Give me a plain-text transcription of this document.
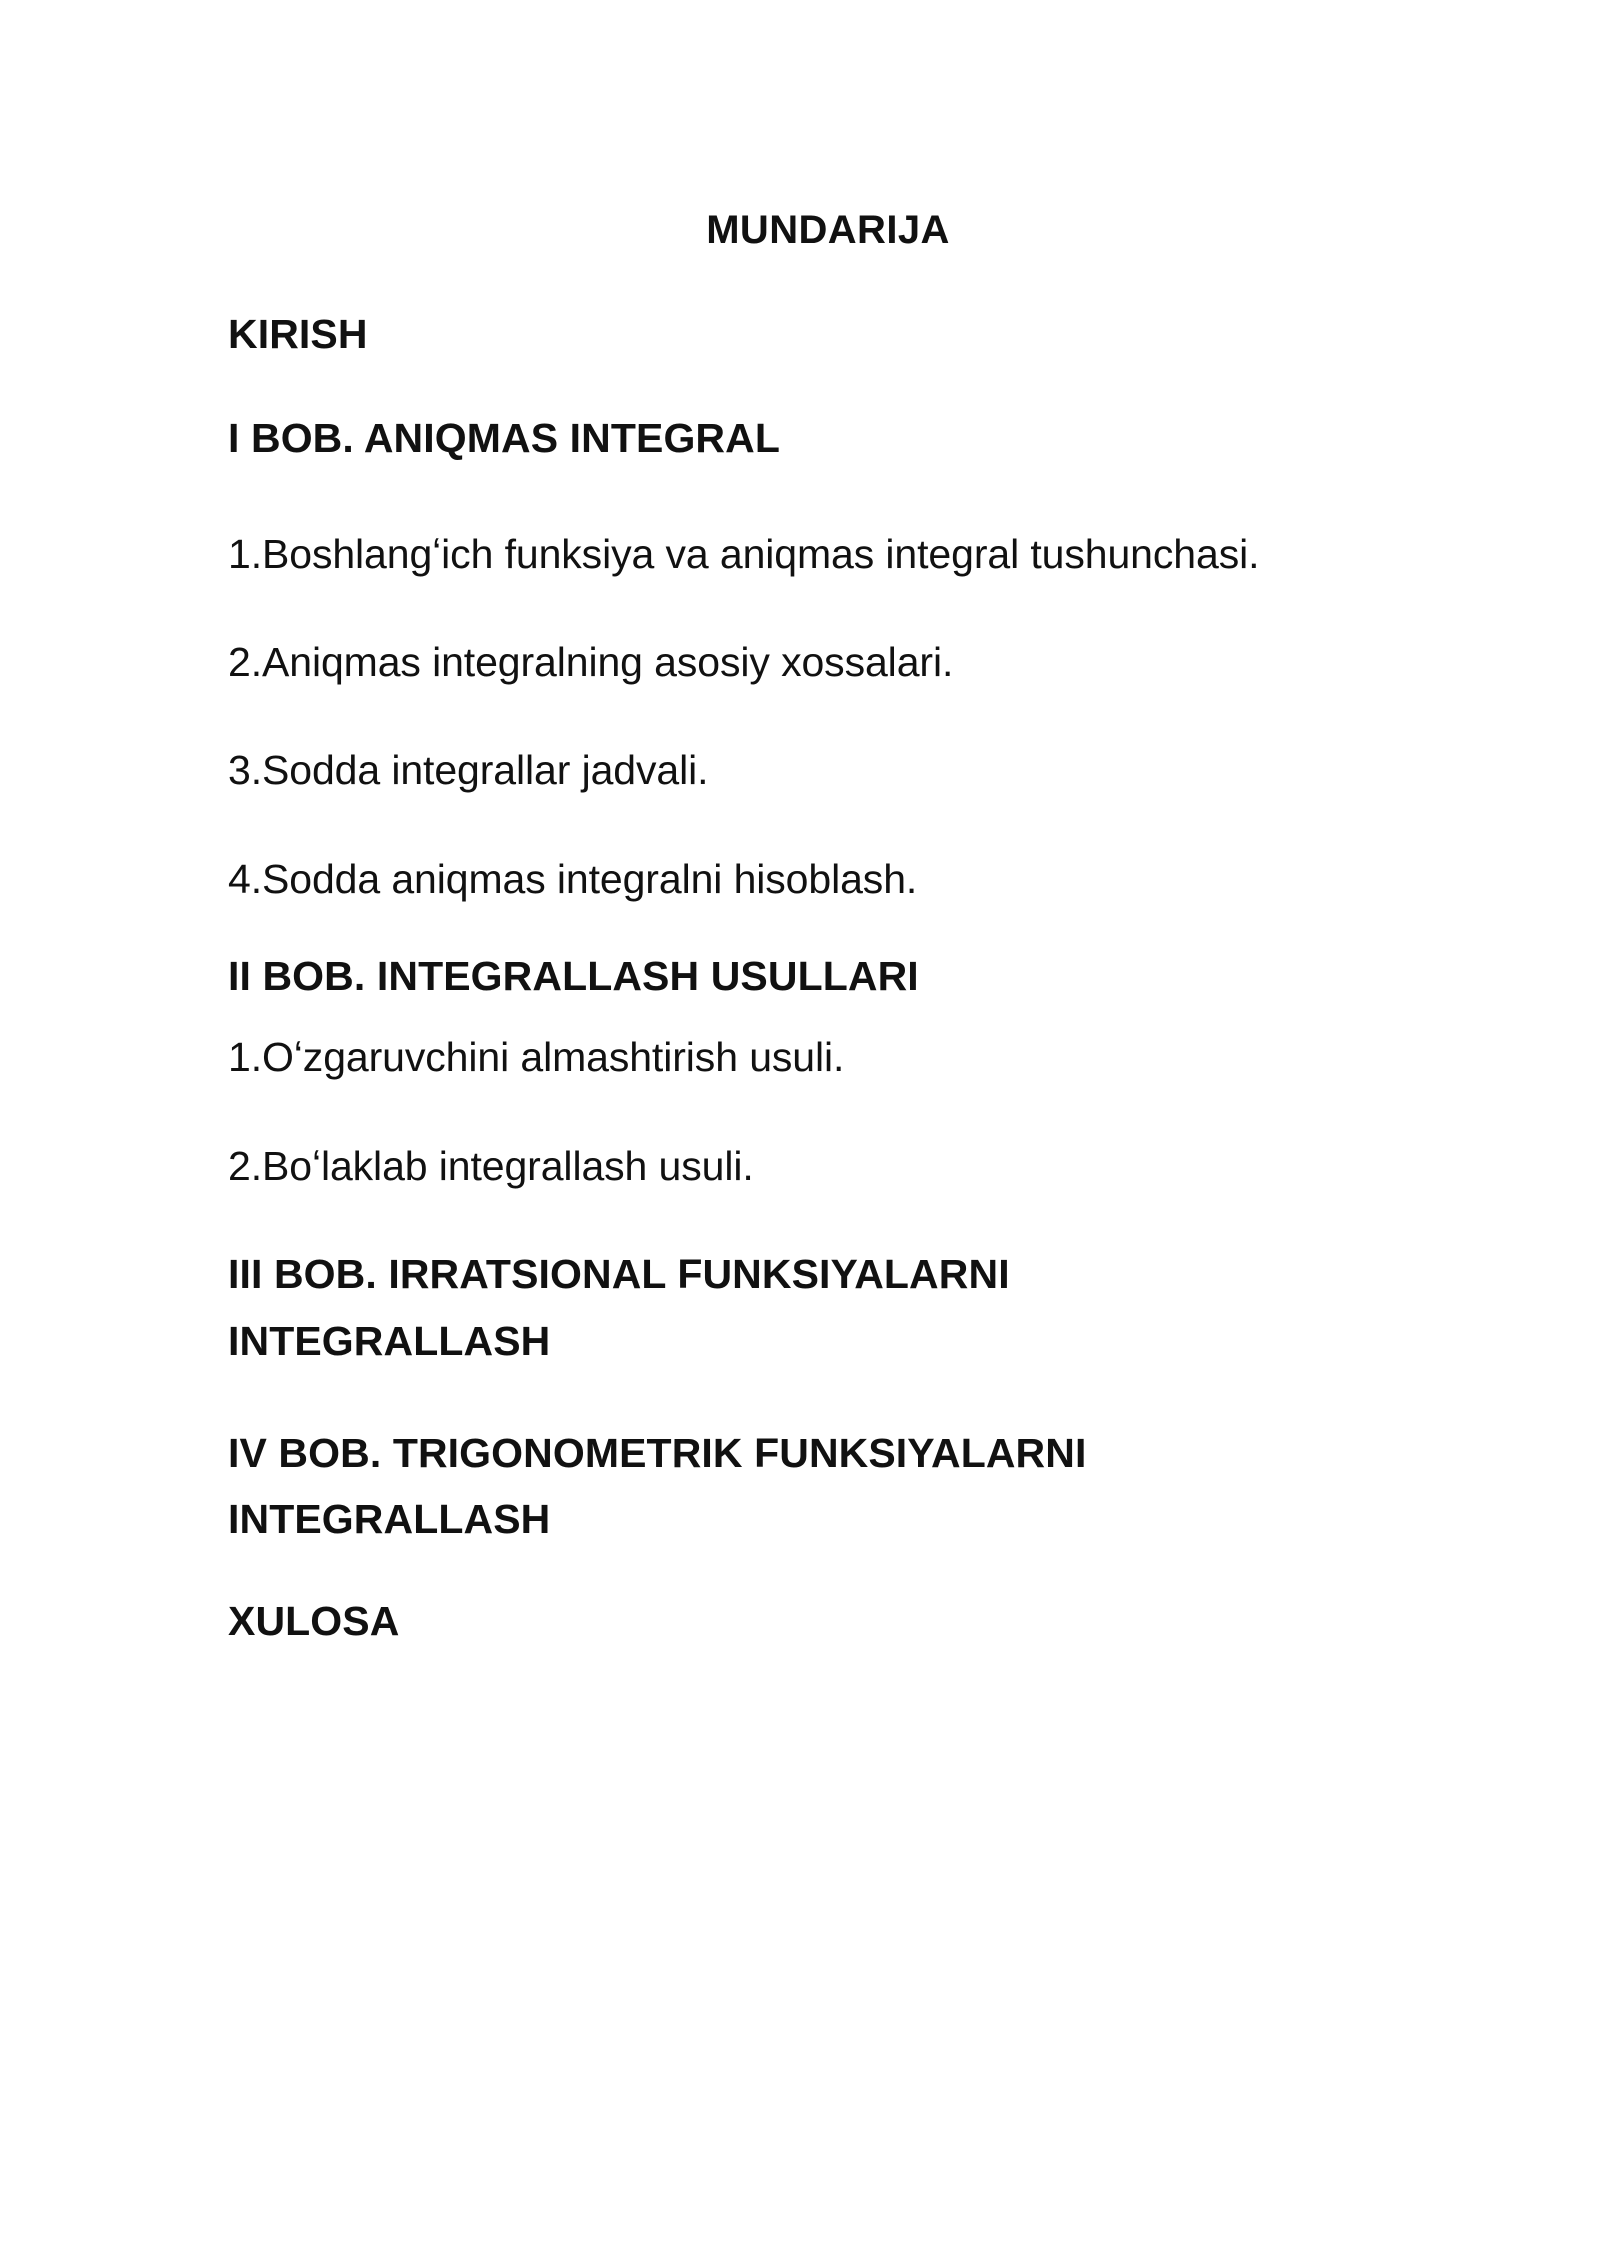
MUNDARIJA
KIRISH
I BOB. ANIQMAS INTEGRAL
1.Boshlangʻich funksiya va aniqmas integral tushunchasi.
2.Aniqmas integralning asosiy xossalari.
3.Sodda integrallar jadvali.
4.Sodda aniqmas integralni hisoblash.
II BOB. INTEGRALLASH USULLARI
1.Oʻzgaruvchini almashtirish usuli.
2.Boʻlaklab integrallash usuli.
III BOB. IRRATSIONAL FUNKSIYALARNI INTEGRALLASH
IV BOB. TRIGONOMETRIK FUNKSIYALARNI INTEGRALLASH
XULOSA
